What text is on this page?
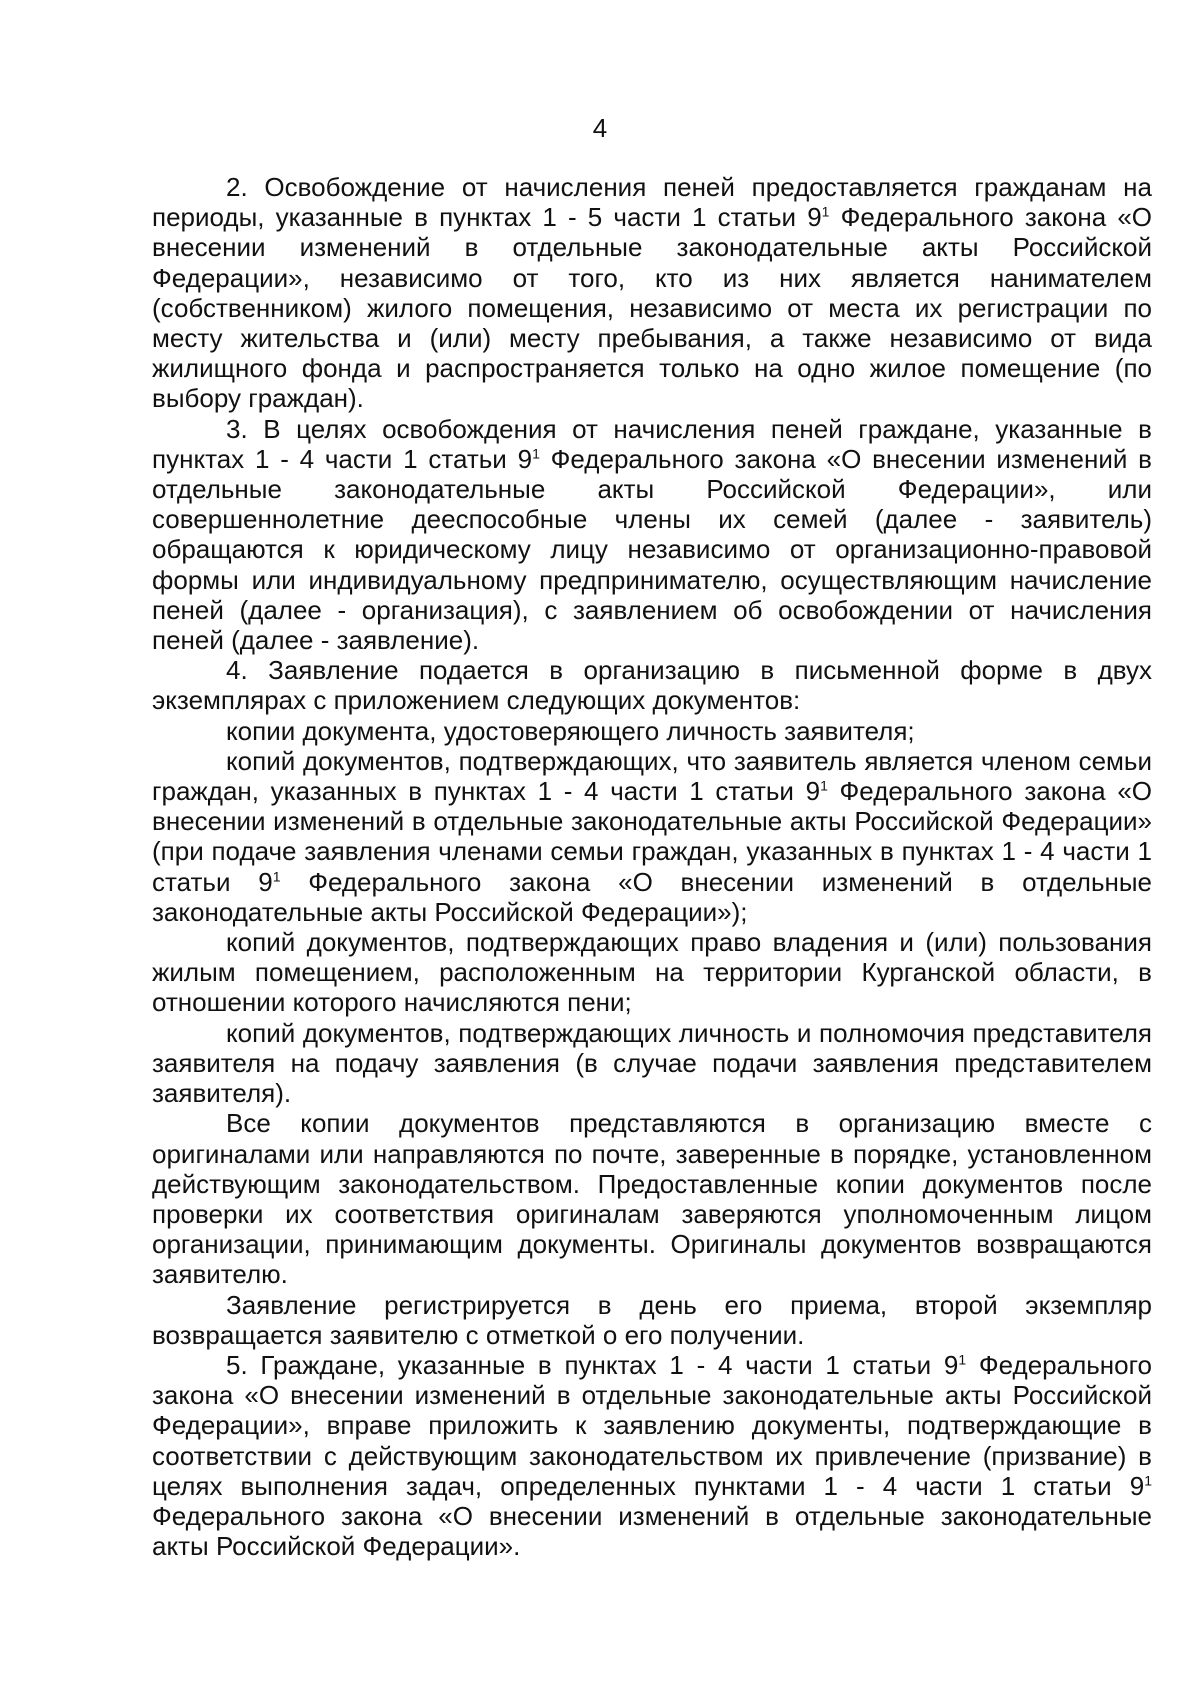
4

2. Освобождение от начисления пеней предоставляется гражданам на периоды, указанные в пунктах 1 - 5 части 1 статьи $9^1$ Федерального закона «О внесении изменений в отдельные законодательные акты Российской Федерации», независимо от того, кто из них является нанимателем (собственником) жилого помещения, независимо от места их регистрации по месту жительства и (или) месту пребывания, а также независимо от вида жилищного фонда и распространяется только на одно жилое помещение (по выбору граждан).

3. В целях освобождения от начисления пеней граждане, указанные в пунктах 1 - 4 части 1 статьи $9^1$ Федерального закона «О внесении изменений в отдельные законодательные акты Российской Федерации», или совершеннолетние дееспособные члены их семей (далее - заявитель) обращаются к юридическому лицу независимо от организационно-правовой формы или индивидуальному предпринимателю, осуществляющим начисление пеней (далее - организация), с заявлением об освобождении от начисления пеней (далее - заявление).

4. Заявление подается в организацию в письменной форме в двух экземплярах с приложением следующих документов:

копии документа, удостоверяющего личность заявителя;

копий документов, подтверждающих, что заявитель является членом семьи граждан, указанных в пунктах 1 - 4 части 1 статьи $9^1$ Федерального закона «О внесении изменений в отдельные законодательные акты Российской Федерации» (при подаче заявления членами семьи граждан, указанных в пунктах 1 - 4 части 1 статьи $9^1$ Федерального закона «О внесении изменений в отдельные законодательные акты Российской Федерации»);

копий документов, подтверждающих право владения и (или) пользования жилым помещением, расположенным на территории Курганской области, в отношении которого начисляются пени;

копий документов, подтверждающих личность и полномочия представителя заявителя на подачу заявления (в случае подачи заявления представителем заявителя).

Все копии документов представляются в организацию вместе с оригиналами или направляются по почте, заверенные в порядке, установленном действующим законодательством. Предоставленные копии документов после проверки их соответствия оригиналам заверяются уполномоченным лицом организации, принимающим документы. Оригиналы документов возвращаются заявителю.

Заявление регистрируется в день его приема, второй экземпляр возвращается заявителю с отметкой о его получении.

5. Граждане, указанные в пунктах 1 - 4 части 1 статьи $9^1$ Федерального закона «О внесении изменений в отдельные законодательные акты Российской Федерации», вправе приложить к заявлению документы, подтверждающие в соответствии с действующим законодательством их привлечение (призвание) в целях выполнения задач, определенных пунктами 1 - 4 части 1 статьи $9^1$ Федерального закона «О внесении изменений в отдельные законодательные акты Российской Федерации».
